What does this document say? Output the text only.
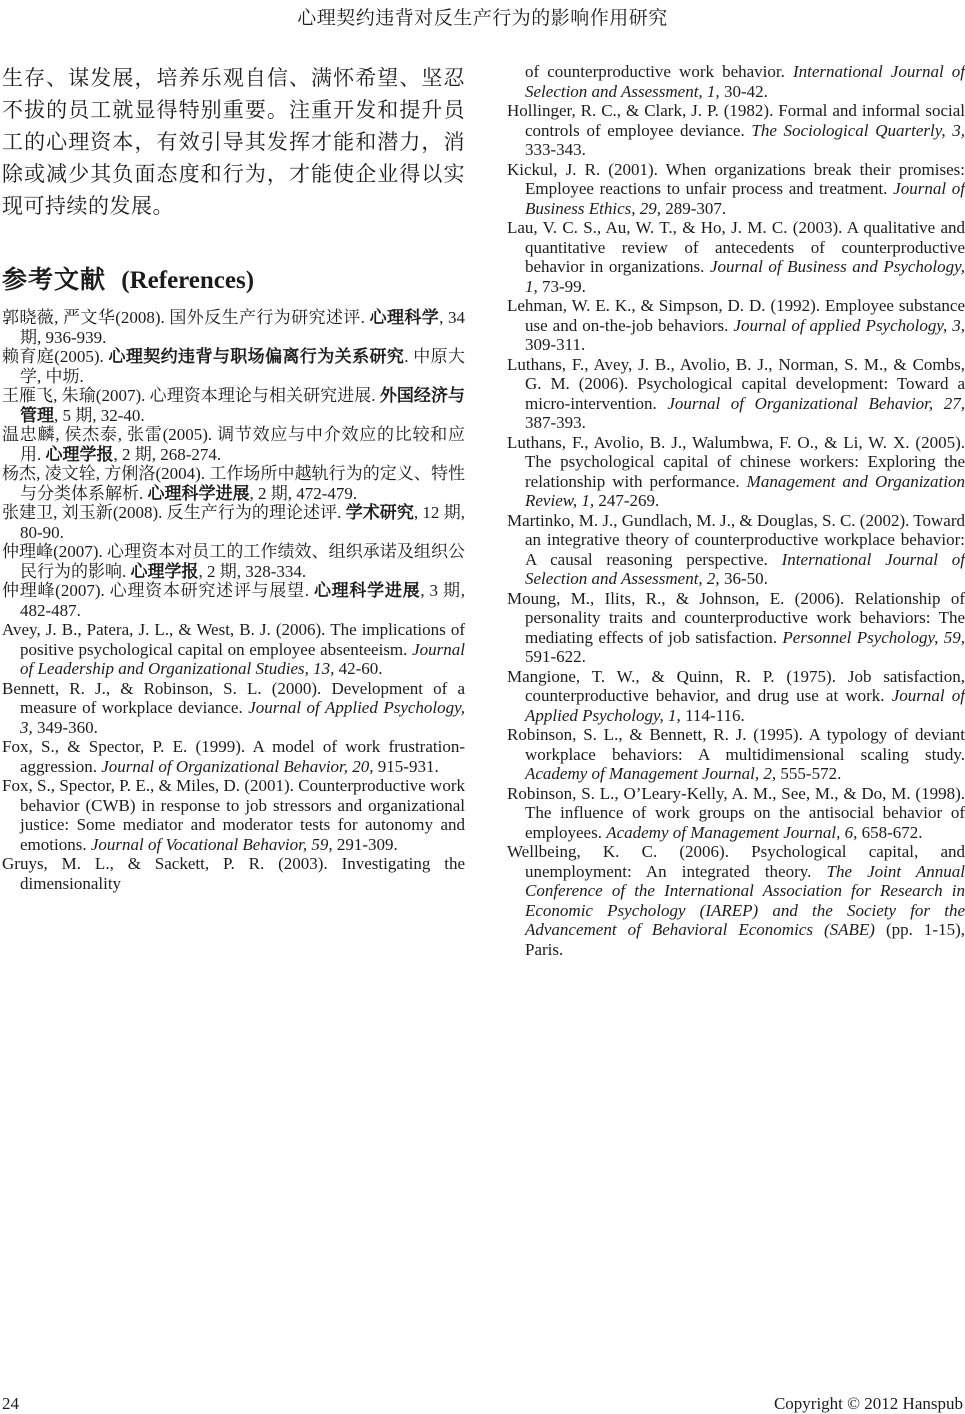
心理契约违背对反生产行为的影响作用研究

生存、谋发展，培养乐观自信、满怀希望、坚忍不拔的员工就显得特别重要。注重开发和提升员工的心理资本，有效引导其发挥才能和潜力，消除或减少其负面态度和行为，才能使企业得以实现可持续的发展。

参考文献 (References)
郭晓薇, 严文华(2008). 国外反生产行为研究述评. 心理科学, 34 期, 936-939.
赖育庭(2005). 心理契约违背与职场偏离行为关系研究. 中原大学, 中坜.
王雁飞, 朱瑜(2007). 心理资本理论与相关研究进展. 外国经济与管理, 5 期, 32-40.
温忠麟, 侯杰泰, 张雷(2005). 调节效应与中介效应的比较和应用. 心理学报, 2 期, 268-274.
杨杰, 凌文辁, 方俐洛(2004). 工作场所中越轨行为的定义、特性与分类体系解析. 心理科学进展, 2 期, 472-479.
张建卫, 刘玉新(2008). 反生产行为的理论述评. 学术研究, 12 期, 80-90.
仲理峰(2007). 心理资本对员工的工作绩效、组织承诺及组织公民行为的影响. 心理学报, 2 期, 328-334.
仲理峰(2007). 心理资本研究述评与展望. 心理科学进展, 3 期, 482-487.
Avey, J. B., Patera, J. L., & West, B. J. (2006). The implications of positive psychological capital on employee absenteeism. Journal of Leadership and Organizational Studies, 13, 42-60.
Bennett, R. J., & Robinson, S. L. (2000). Development of a measure of workplace deviance. Journal of Applied Psychology, 3, 349-360.
Fox, S., & Spector, P. E. (1999). A model of work frustration-aggression. Journal of Organizational Behavior, 20, 915-931.
Fox, S., Spector, P. E., & Miles, D. (2001). Counterproductive work behavior (CWB) in response to job stressors and organizational justice: Some mediator and moderator tests for autonomy and emotions. Journal of Vocational Behavior, 59, 291-309.
Gruys, M. L., & Sackett, P. R. (2003). Investigating the dimensionality
of counterproductive work behavior. International Journal of Selection and Assessment, 1, 30-42.
Hollinger, R. C., & Clark, J. P. (1982). Formal and informal social controls of employee deviance. The Sociological Quarterly, 3, 333-343.
Kickul, J. R. (2001). When organizations break their promises: Employee reactions to unfair process and treatment. Journal of Business Ethics, 29, 289-307.
Lau, V. C. S., Au, W. T., & Ho, J. M. C. (2003). A qualitative and quantitative review of antecedents of counterproductive behavior in organizations. Journal of Business and Psychology, 1, 73-99.
Lehman, W. E. K., & Simpson, D. D. (1992). Employee substance use and on-the-job behaviors. Journal of applied Psychology, 3, 309-311.
Luthans, F., Avey, J. B., Avolio, B. J., Norman, S. M., & Combs, G. M. (2006). Psychological capital development: Toward a micro-intervention. Journal of Organizational Behavior, 27, 387-393.
Luthans, F., Avolio, B. J., Walumbwa, F. O., & Li, W. X. (2005). The psychological capital of chinese workers: Exploring the relationship with performance. Management and Organization Review, 1, 247-269.
Martinko, M. J., Gundlach, M. J., & Douglas, S. C. (2002). Toward an integrative theory of counterproductive workplace behavior: A causal reasoning perspective. International Journal of Selection and Assessment, 2, 36-50.
Moung, M., Ilits, R., & Johnson, E. (2006). Relationship of personality traits and counterproductive work behaviors: The mediating effects of job satisfaction. Personnel Psychology, 59, 591-622.
Mangione, T. W., & Quinn, R. P. (1975). Job satisfaction, counterproductive behavior, and drug use at work. Journal of Applied Psychology, 1, 114-116.
Robinson, S. L., & Bennett, R. J. (1995). A typology of deviant workplace behaviors: A multidimensional scaling study. Academy of Management Journal, 2, 555-572.
Robinson, S. L., O’Leary-Kelly, A. M., See, M., & Do, M. (1998). The influence of work groups on the antisocial behavior of employees. Academy of Management Journal, 6, 658-672.
Wellbeing, K. C. (2006). Psychological capital, and unemployment: An integrated theory. The Joint Annual Conference of the International Association for Research in Economic Psychology (IAREP) and the Society for the Advancement of Behavioral Economics (SABE) (pp. 1-15), Paris.
24	Copyright © 2012 Hanspub
